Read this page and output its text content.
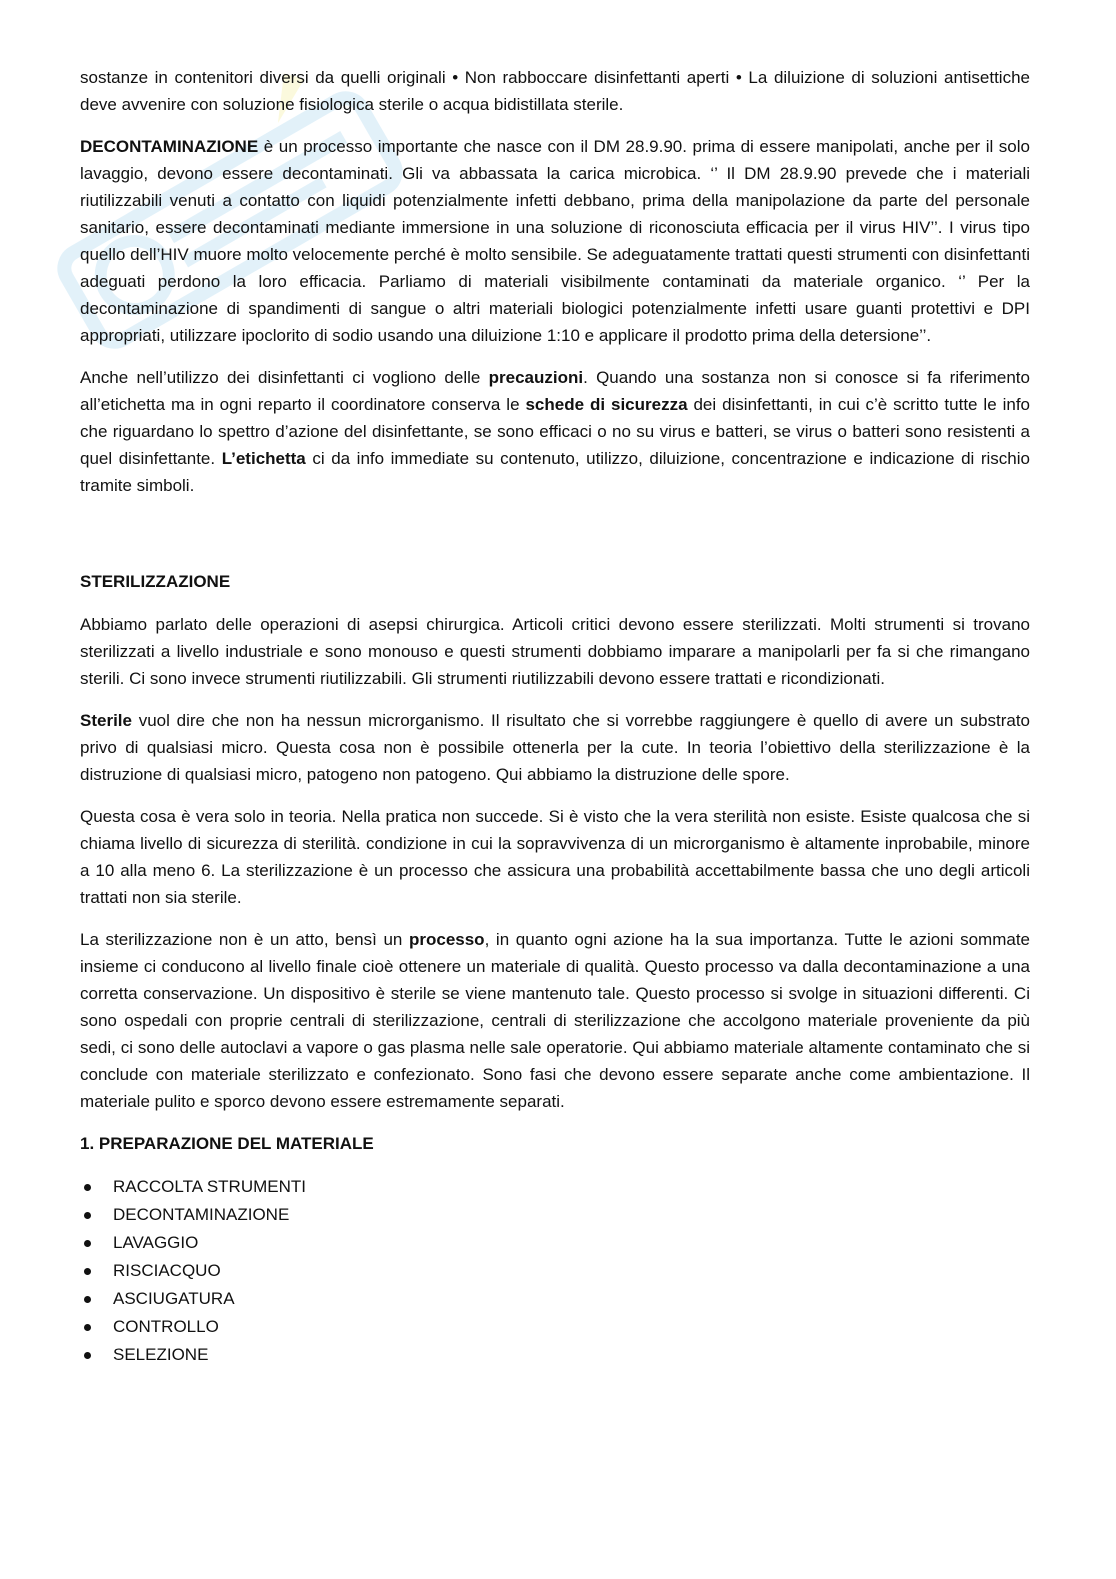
sostanze in contenitori diversi da quelli originali • Non rabboccare disinfettanti aperti • La diluizione di soluzioni antisettiche deve avvenire con soluzione fisiologica sterile o acqua bidistillata sterile.

DECONTAMINAZIONE è un processo importante che nasce con il DM 28.9.90. prima di essere manipolati, anche per il solo lavaggio, devono essere decontaminati. Gli va abbassata la carica microbica. ‘’ Il DM 28.9.90 prevede che i materiali riutilizzabili venuti a contatto con liquidi potenzialmente infetti debbano, prima della manipolazione da parte del personale sanitario, essere decontaminati mediante immersione in una soluzione di riconosciuta efficacia per il virus HIV’’. I virus tipo quello dell’HIV muore molto velocemente perché è molto sensibile. Se adeguatamente trattati questi strumenti con disinfettanti adeguati perdono la loro efficacia. Parliamo di materiali visibilmente contaminati da materiale organico. ‘’ Per la decontaminazione di spandimenti di sangue o altri materiali biologici potenzialmente infetti usare guanti protettivi e DPI appropriati, utilizzare ipoclorito di sodio usando una diluizione 1:10 e applicare il prodotto prima della detersione’’.

Anche nell’utilizzo dei disinfettanti ci vogliono delle precauzioni. Quando una sostanza non si conosce si fa riferimento all’etichetta ma in ogni reparto il coordinatore conserva le schede di sicurezza dei disinfettanti, in cui c’è scritto tutte le info che riguardano lo spettro d’azione del disinfettante, se sono efficaci o no su virus e batteri, se virus o batteri sono resistenti a quel disinfettante. L’etichetta ci da info immediate su contenuto, utilizzo, diluizione, concentrazione e indicazione di rischio tramite simboli.

STERILIZZAZIONE

Abbiamo parlato delle operazioni di asepsi chirurgica. Articoli critici devono essere sterilizzati. Molti strumenti si trovano sterilizzati a livello industriale e sono monouso e questi strumenti dobbiamo imparare a manipolarli per fa si che rimangano sterili. Ci sono invece strumenti riutilizzabili. Gli strumenti riutilizzabili devono essere trattati e ricondizionati.

Sterile vuol dire che non ha nessun microrganismo. Il risultato che si vorrebbe raggiungere è quello di avere un substrato privo di qualsiasi micro. Questa cosa non è possibile ottenerla per la cute. In teoria l’obiettivo della sterilizzazione è la distruzione di qualsiasi micro, patogeno non patogeno. Qui abbiamo la distruzione delle spore.

Questa cosa è vera solo in teoria. Nella pratica non succede. Si è visto che la vera sterilità non esiste. Esiste qualcosa che si chiama livello di sicurezza di sterilità. condizione in cui la sopravvivenza di un microrganismo è altamente inprobabile, minore a 10 alla meno 6. La sterilizzazione è un processo che assicura una probabilità accettabilmente bassa che uno degli articoli trattati non sia sterile.

La sterilizzazione non è un atto, bensì un processo, in quanto ogni azione ha la sua importanza. Tutte le azioni sommate insieme ci conducono al livello finale cioè ottenere un materiale di qualità. Questo processo va dalla decontaminazione a una corretta conservazione. Un dispositivo è sterile se viene mantenuto tale. Questo processo si svolge in situazioni differenti. Ci sono ospedali con proprie centrali di sterilizzazione, centrali di sterilizzazione che accolgono materiale proveniente da più sedi, ci sono delle autoclavi a vapore o gas plasma nelle sale operatorie. Qui abbiamo materiale altamente contaminato che si conclude con materiale sterilizzato e confezionato. Sono fasi che devono essere separate anche come ambientazione. Il materiale pulito e sporco devono essere estremamente separati.

1. PREPARAZIONE DEL MATERIALE
RACCOLTA STRUMENTI
DECONTAMINAZIONE
LAVAGGIO
RISCIACQUO
ASCIUGATURA
CONTROLLO
SELEZIONE
